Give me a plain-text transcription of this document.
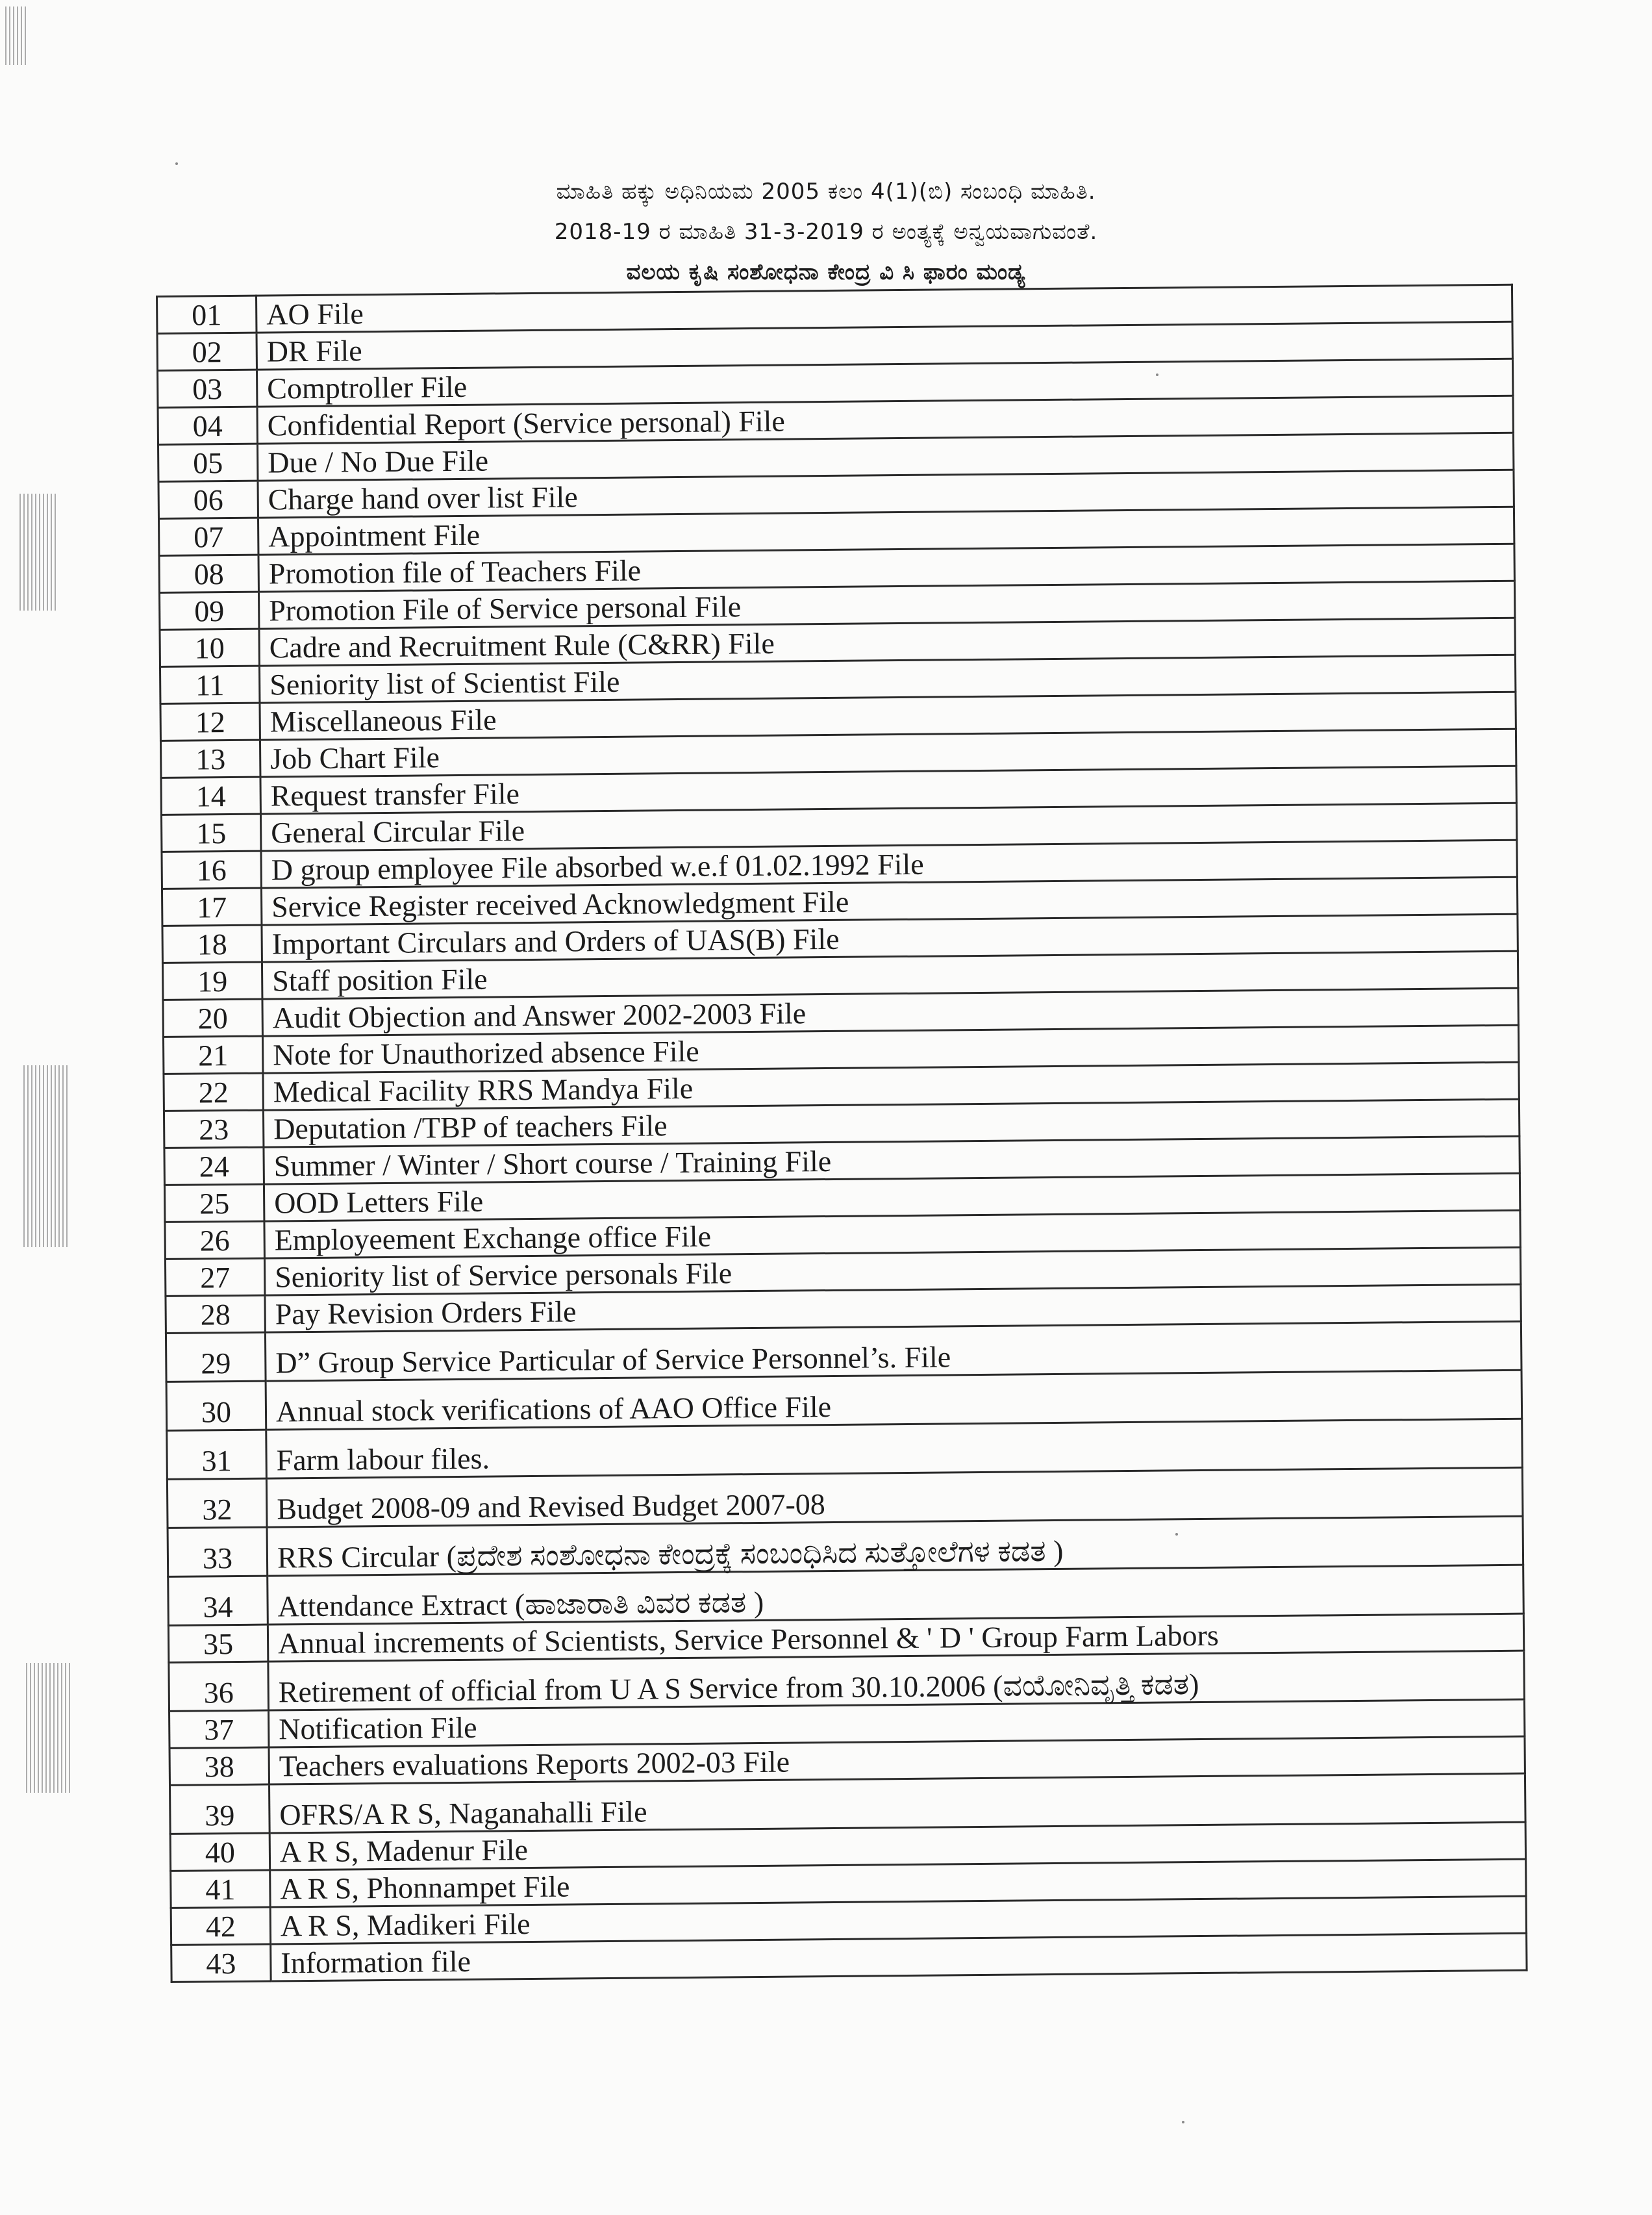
ಮಾಹಿತಿ ಹಕ್ಕು ಅಧಿನಿಯಮ 2005 ಕಲಂ 4(1)(ಬಿ) ಸಂಬಂಧಿ ಮಾಹಿತಿ.
2018-19 ರ ಮಾಹಿತಿ 31-3-2019 ರ ಅಂತ್ಯಕ್ಕೆ ಅನ್ವಯವಾಗುವಂತೆ.
ವಲಯ ಕೃಷಿ ಸಂಶೋಧನಾ ಕೇಂದ್ರ ವಿ ಸಿ ಫಾರಂ ಮಂಡ್ಯ
01	AO File
02	DR File
03	Comptroller File
04	Confidential Report (Service personal) File
05	Due / No Due File
06	Charge hand over list File
07	Appointment File
08	Promotion file of Teachers File
09	Promotion File of Service personal File
10	Cadre and Recruitment Rule (C&RR) File
11	Seniority list of Scientist File
12	Miscellaneous File
13	Job Chart File
14	Request transfer File
15	General Circular File
16	D group employee File absorbed w.e.f 01.02.1992 File
17	Service Register received Acknowledgment File
18	Important Circulars and Orders of UAS(B) File
19	Staff position File
20	Audit Objection and Answer 2002-2003 File
21	Note for Unauthorized absence File
22	Medical Facility RRS Mandya File
23	Deputation /TBP of teachers File
24	Summer / Winter / Short course / Training File
25	OOD Letters File
26	Employeement Exchange office File
27	Seniority list of Service personals File
28	Pay Revision Orders File
29	D” Group Service Particular of Service Personnel’s. File
30	Annual stock verifications of AAO Office File
31	Farm labour files.
32	Budget 2008-09 and Revised Budget 2007-08
33	RRS Circular (ಪ್ರದೇಶ ಸಂಶೋಧನಾ ಕೇಂದ್ರಕ್ಕೆ ಸಂಬಂಧಿಸಿದ ಸುತ್ತೋಲೆಗಳ ಕಡತ )
34	Attendance Extract (ಹಾಜಾರಾತಿ ವಿವರ ಕಡತ )
35	Annual increments of Scientists, Service Personnel & ' D ' Group Farm Labors
36	Retirement of official from U A S Service from 30.10.2006 (ವಯೋನಿವೃತ್ತಿ ಕಡತ)
37	Notification File
38	Teachers evaluations Reports 2002-03 File
39	OFRS/A R S, Naganahalli File
40	A R S, Madenur File
41	A R S, Phonnampet File
42	A R S, Madikeri File
43	Information file
